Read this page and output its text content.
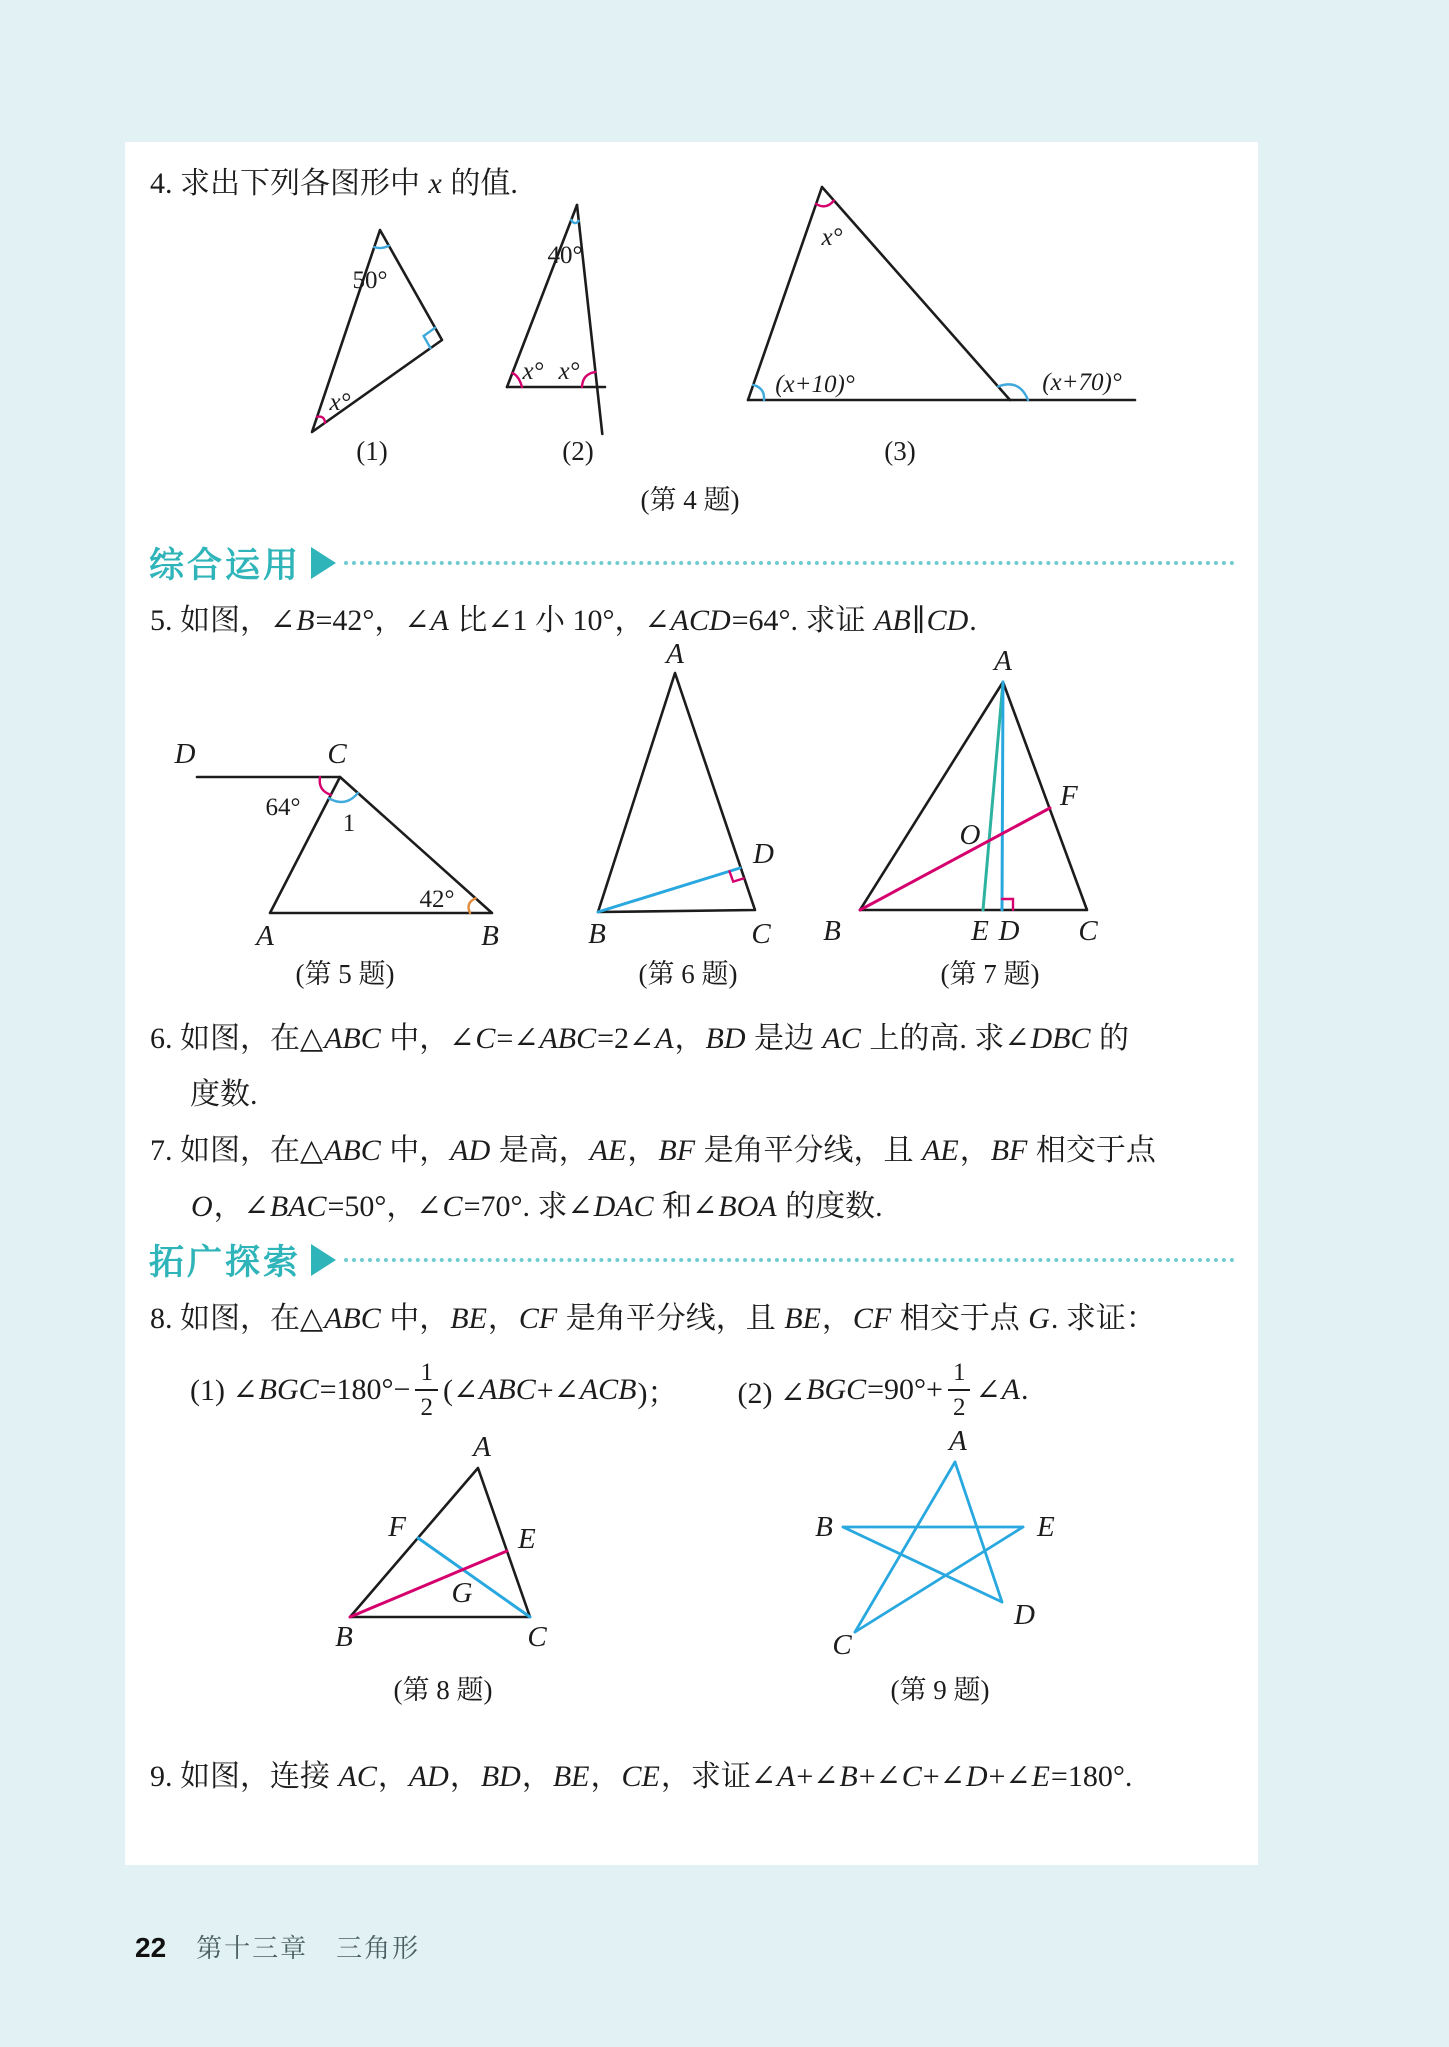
4. 求出下列各图形中 x 的值.
50°
x°
40°
x° x°
x°
(x+10)°	(x+70)°
(1)	(2)	(3)
(第 4 题)
综合运用
5. 如图，∠B=42°，∠A 比∠1 小 10°，∠ACD=64°. 求证 AB∥CD.
D	C
A	B
64°
1
42°
A
B	C
D
A
B	E D C
F
O
(第 5 题)	(第 6 题)	(第 7 题)
6. 如图，在△ABC 中，∠C=∠ABC=2∠A，BD 是边 AC 上的高. 求∠DBC 的
度数.
7. 如图，在△ABC 中，AD 是高，AE，BF 是角平分线，且 AE，BF 相交于点
O，∠BAC=50°，∠C=70°. 求∠DAC 和∠BOA 的度数.
拓广探索
8. 如图，在△ABC 中，BE，CF 是角平分线，且 BE，CF 相交于点 G. 求证：
(1) ∠ BGC $=180^\circ- \frac{1}{2}$ (∠ ABC +∠ ACB )； 　　(2) ∠ BGC $=90^\circ+ \frac{1}{2}$ ∠ A .
A
B	C
F	E
G
A
B	E
D
C
(第 8 题)	(第 9 题)
9. 如图，连接 AC，AD，BD，BE，CE，求证∠A+∠B+∠C+∠D+∠E=180°.
22 第十三章　三角形
